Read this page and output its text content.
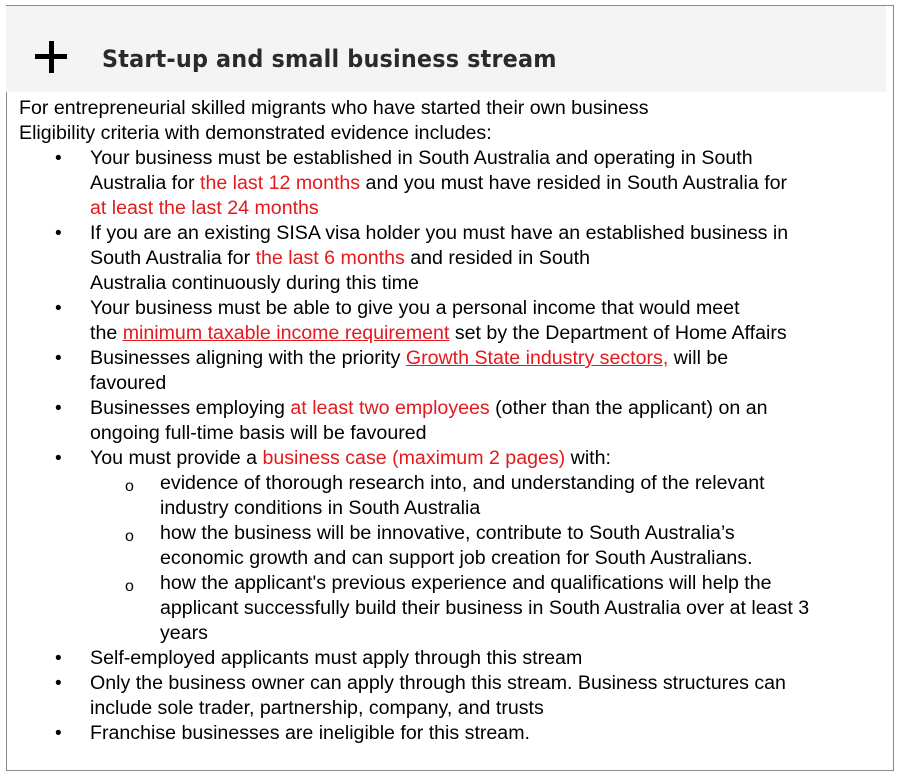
Start-up and small business stream
For entrepreneurial skilled migrants who have started their own business
Eligibility criteria with demonstrated evidence includes:
• Your business must be established in South Australia and operating in South
Australia for the last 12 months and you must have resided in South Australia for
at least the last 24 months
• If you are an existing SISA visa holder you must have an established business in
South Australia for the last 6 months and resided in South
Australia continuously during this time
• Your business must be able to give you a personal income that would meet
the minimum taxable income requirement set by the Department of Home Affairs
• Businesses aligning with the priority Growth State industry sectors, will be
favoured
• Businesses employing at least two employees (other than the applicant) on an
ongoing full-time basis will be favoured
• You must provide a business case (maximum 2 pages) with:
o evidence of thorough research into, and understanding of the relevant
industry conditions in South Australia
o how the business will be innovative, contribute to South Australia’s
economic growth and can support job creation for South Australians.
o how the applicant's previous experience and qualifications will help the
applicant successfully build their business in South Australia over at least 3
years
• Self-employed applicants must apply through this stream
• Only the business owner can apply through this stream. Business structures can
include sole trader, partnership, company, and trusts
• Franchise businesses are ineligible for this stream.
